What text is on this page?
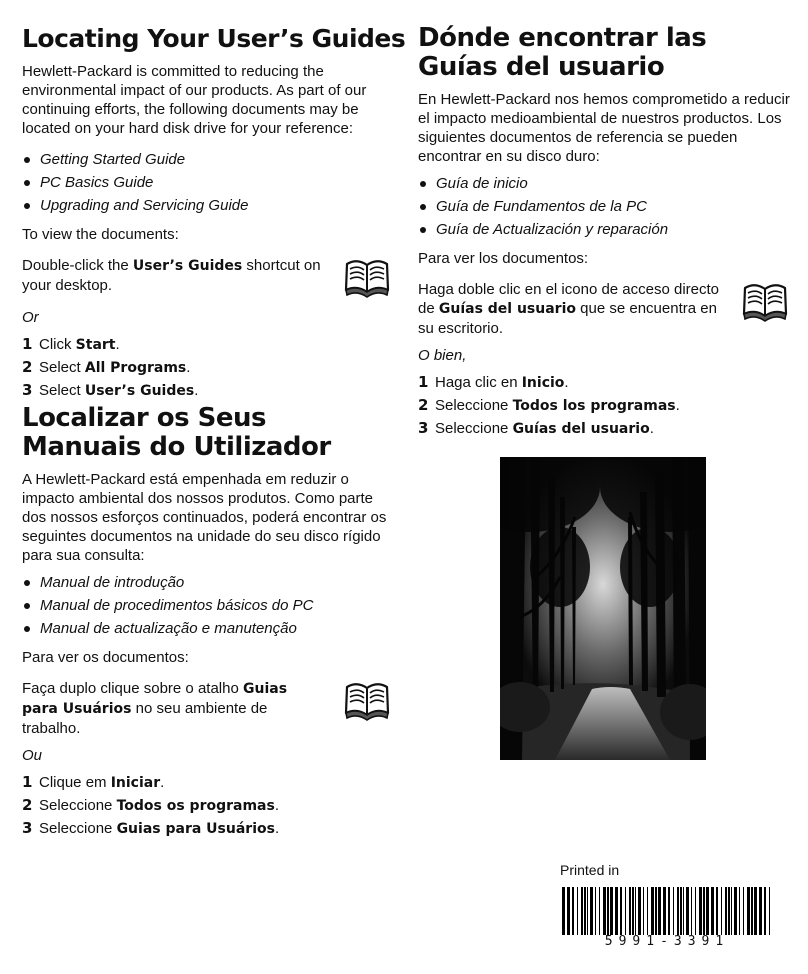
Locating Your User’s Guides

Hewlett-Packard is committed to reducing the environmental impact of our products. As part of our continuing efforts, the following documents may be located on your hard disk drive for your reference:

Getting Started Guide
PC Basics Guide
Upgrading and Servicing Guide

To view the documents:

Double-click the User’s Guides shortcut on your desktop.

Or

1 Click Start.
2 Select All Programs.
3 Select User’s Guides.
Localizar os Seus Manuais do Utilizador

A Hewlett-Packard está empenhada em reduzir o impacto ambiental dos nossos produtos. Como parte dos nossos esforços continuados, poderá encontrar os seguintes documentos na unidade do seu disco rígido para sua consulta:

Manual de introdução
Manual de procedimentos básicos do PC
Manual de actualização e manutenção

Para ver os documentos:

Faça duplo clique sobre o atalho Guias para Usuários no seu ambiente de trabalho.

Ou

1 Clique em Iniciar.
2 Seleccione Todos os programas.
3 Seleccione Guias para Usuários.
Dónde encontrar las Guías del usuario

En Hewlett-Packard nos hemos comprometido a reducir el impacto medioambiental de nuestros productos. Los siguientes documentos de referencia se pueden encontrar en su disco duro:

Guía de inicio
Guía de Fundamentos de la PC
Guía de Actualización y reparación

Para ver los documentos:

Haga doble clic en el icono de acceso directo de Guías del usuario que se encuentra en su escritorio.

O bien,

1 Haga clic en Inicio.
2 Seleccione Todos los programas.
3 Seleccione Guías del usuario.
Printed in
5991-3391
